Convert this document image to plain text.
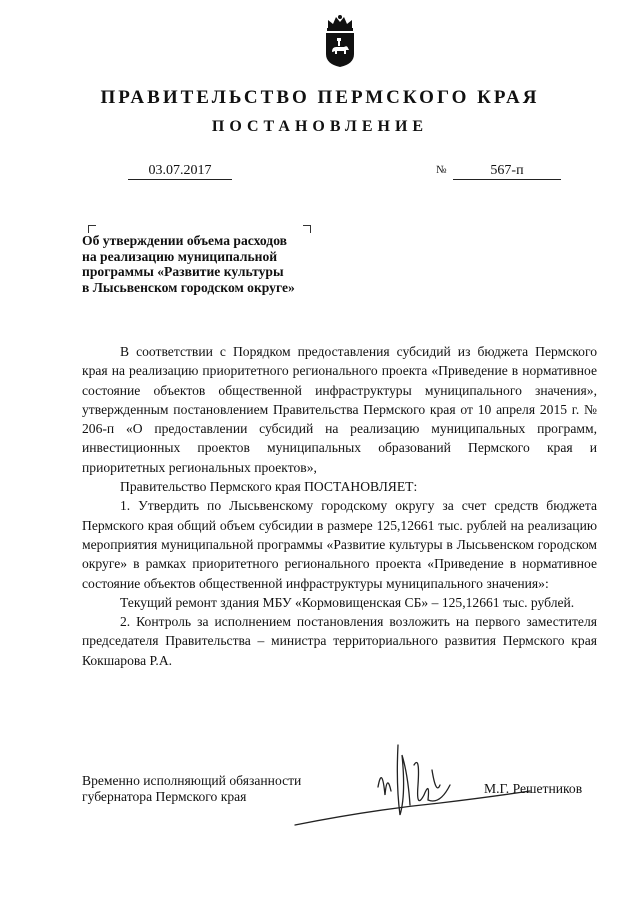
ПРАВИТЕЛЬСТВО ПЕРМСКОГО КРАЯ
ПОСТАНОВЛЕНИЕ
03.07.2017	№	567-п
Об утверждении объема расходов
на реализацию муниципальной
программы «Развитие культуры
в Лысьвенском городском округе»

В соответствии с Порядком предоставления субсидий из бюджета Пермского края на реализацию приоритетного регионального проекта «Приведение в нормативное состояние объектов общественной инфраструктуры муниципального значения», утвержденным постановлением Правительства Пермского края от 10 апреля 2015 г. № 206-п «О предоставлении субсидий на реализацию муниципальных программ, инвестиционных проектов муниципальных образований Пермского края и приоритетных региональных проектов»,

Правительство Пермского края ПОСТАНОВЛЯЕТ:

1. Утвердить по Лысьвенскому городскому округу за счет средств бюджета Пермского края общий объем субсидии в размере 125,12661 тыс. рублей на реализацию мероприятия муниципальной программы «Развитие культуры в Лысьвенском городском округе» в рамках приоритетного регионального проекта «Приведение в нормативное состояние объектов общественной инфраструктуры муниципального значения»:

Текущий ремонт здания МБУ «Кормовищенская СБ» – 125,12661 тыс. рублей.

2. Контроль за исполнением постановления возложить на первого заместителя председателя Правительства – министра территориального развития Пермского края Кокшарова Р.А.

Временно исполняющий обязанности
губернатора Пермского края	М.Г. Решетников
